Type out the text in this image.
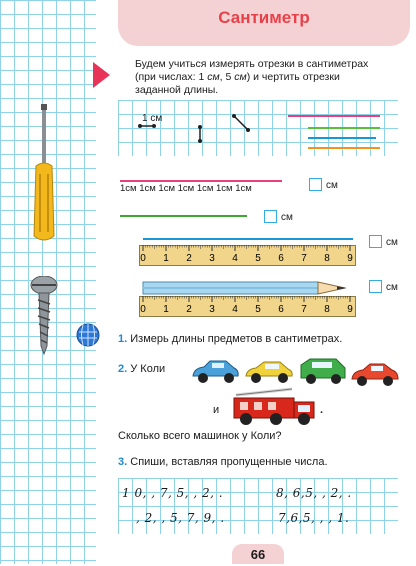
Сантиметр
Будем учиться измерять отрезки в сантиметрах
(при числах: 1 см, 5 см) и чертить отрезки
заданной длины.
1 см
1см 1см 1см 1см 1см 1см 1см	см
см
0 1 2 3 4 5 6 7 8 9
см
0 1 2 3 4 5 6 7 8 9
см
1. Измерь длины предметов в сантиметрах.
2. У Коли
и	.
Сколько всего машинок у Коли?
3. Спиши, вставляя пропущенные числа.
1 0, , 7, 5, , 2, .	8, 6,5, , 2, .
, 2, , 5, 7, 9, .	7,6,5, , , 1.
66
